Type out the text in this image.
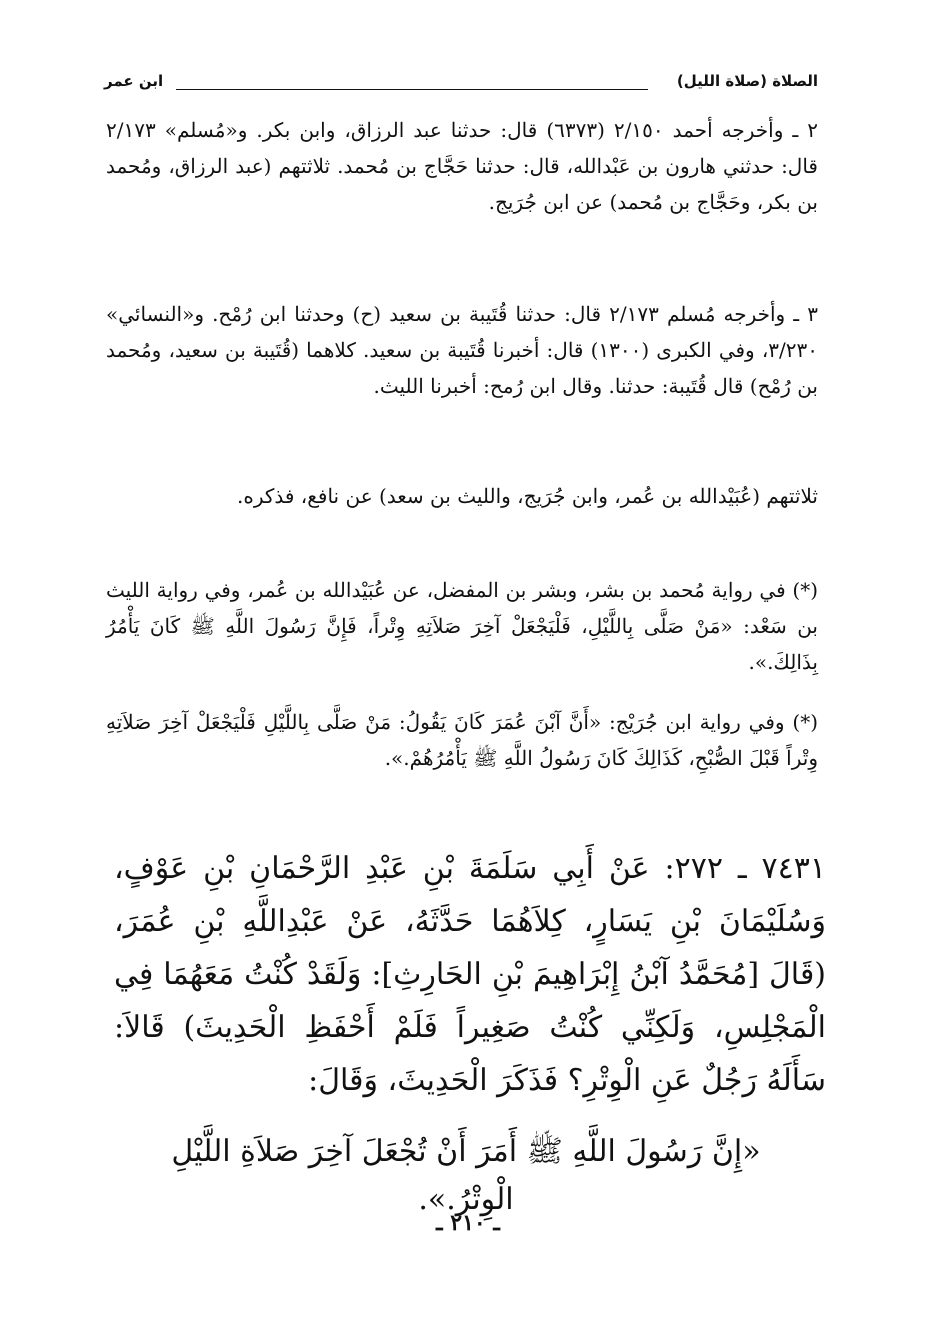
الصلاة (صلاة الليل)
ابن عمر

٢ ـ وأخرجه أحمد ٢/١٥٠ (٦٣٧٣) قال: حدثنا عبد الرزاق، وابن بكر. و«مُسلم» ٢/١٧٣ قال: حدثني هارون بن عَبْدالله، قال: حدثنا حَجَّاج بن مُحمد. ثلاثتهم (عبد الرزاق، ومُحمد بن بكر، وحَجَّاج بن مُحمد) عن ابن جُرَيج.

٣ ـ وأخرجه مُسلم ٢/١٧٣ قال: حدثنا قُتَيبة بن سعيد (ح) وحدثنا ابن رُمْح. و«النسائي» ٣/٢٣٠، وفي الكبرى (١٣٠٠) قال: أخبرنا قُتَيبة بن سعيد. كلاهما (قُتَيبة بن سعيد، ومُحمد بن رُمْح) قال قُتَيبة: حدثنا. وقال ابن رُمح: أخبرنا الليث.

ثلاثتهم (عُبَيْدالله بن عُمر، وابن جُرَيج، والليث بن سعد) عن نافع، فذكره.

(*) في رواية مُحمد بن بشر، وبشر بن المفضل، عن عُبَيْدالله بن عُمر، وفي رواية الليث بن سَعْد: «مَنْ صَلَّى بِاللَّيْلِ، فَلْيَجْعَلْ آخِرَ صَلاَتِهِ وِتْراً، فَإِنَّ رَسُولَ اللَّهِ ﷺ كَانَ يَأْمُرُ بِذَالِكَ.».

(*) وفي رواية ابن جُرَيْج: «أَنَّ آبْنَ عُمَرَ كَانَ يَقُولُ: مَنْ صَلَّى بِاللَّيْلِ فَلْيَجْعَلْ آخِرَ صَلاَتِهِ وِتْراً قَبْلَ الصُّبْحِ، كَذَالِكَ كَانَ رَسُولُ اللَّهِ ﷺ يَأْمُرُهُمْ.».

٧٤٣١ ـ ٢٧٢: عَنْ أَبِي سَلَمَةَ بْنِ عَبْدِ الرَّحْمَانِ بْنِ عَوْفٍ، وَسُلَيْمَانَ بْنِ يَسَارٍ، كِلاَهُمَا حَدَّثَهُ، عَنْ عَبْدِاللَّهِ بْنِ عُمَرَ، (قَالَ [مُحَمَّدُ آبْنُ إِبْرَاهِيمَ بْنِ الحَارِثِ]: وَلَقَدْ كُنْتُ مَعَهُمَا فِي الْمَجْلِسِ، وَلَكِنِّي كُنْتُ صَغِيراً فَلَمْ أَحْفَظِ الْحَدِيثَ) قَالاَ: سَأَلَهُ رَجُلٌ عَنِ الْوِتْرِ؟ فَذَكَرَ الْحَدِيثَ، وَقَالَ:

«إِنَّ رَسُولَ اللَّهِ ﷺ أَمَرَ أَنْ تُجْعَلَ آخِرَ صَلاَةِ اللَّيْلِ الْوِتْرُ.».

ـ ٢١٠ ـ
